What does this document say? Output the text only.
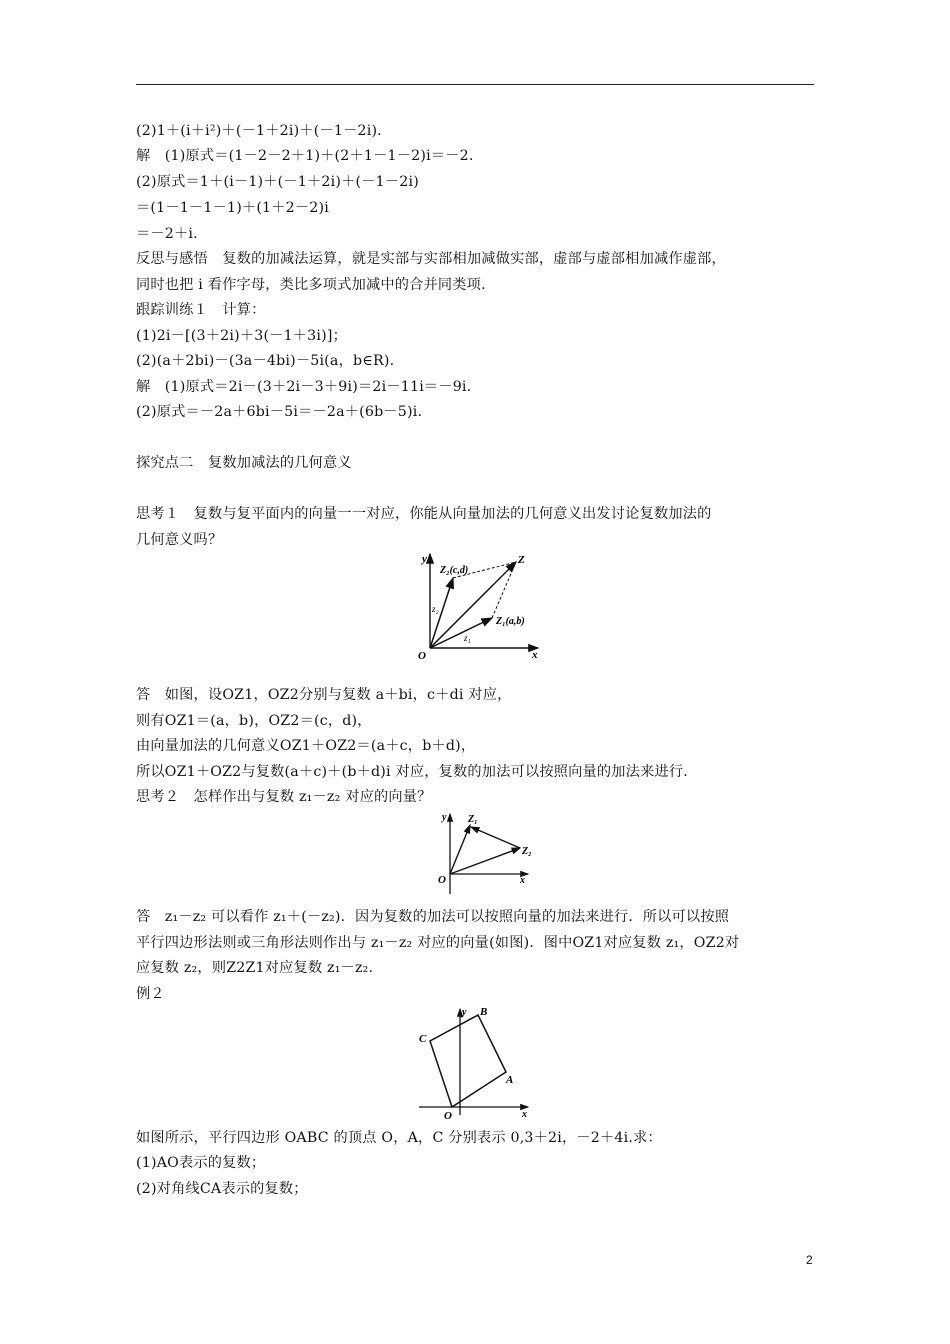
(2)1＋(i＋i²)＋(－1＋2i)＋(－1－2i)．
解　(1)原式＝(1－2－2＋1)＋(2＋1－1－2)i＝－2.
(2)原式＝1＋(i－1)＋(－1＋2i)＋(－1－2i)
＝(1－1－1－1)＋(1＋2－2)i
＝－2＋i.
反思与感悟　复数的加减法运算，就是实部与实部相加减做实部，虚部与虚部相加减作虚部，
同时也把 i 看作字母，类比多项式加减中的合并同类项.
跟踪训练１　计算：
(1)2i－[(3＋2i)＋3(－1＋3i)]；
(2)(a＋2bi)－(3a－4bi)－5i(a，b∈R).
解　(1)原式＝2i－(3＋2i－3＋9i)＝2i－11i＝－9i.
(2)原式＝－2a＋6bi－5i＝－2a＋(6b－5)i.
探究点二　复数加减法的几何意义
思考１　复数与复平面内的向量一一对应，你能从向量加法的几何意义出发讨论复数加法的
几何意义吗？
y
x
O
Z
Z₁(a,b)
Z₂(c,d)
z₁
z₂
答　如图，设OZ1，OZ2分别与复数 a＋bi，c＋di 对应，
则有OZ1＝(a，b)，OZ2＝(c，d)，
由向量加法的几何意义OZ1＋OZ2＝(a＋c，b＋d)，
所以OZ1＋OZ2与复数(a＋c)＋(b＋d)i 对应，复数的加法可以按照向量的加法来进行.
思考２　怎样作出与复数 z₁－z₂ 对应的向量？
y
x
O
Z₁
Z₂
答　z₁－z₂ 可以看作 z₁＋(－z₂)．因为复数的加法可以按照向量的加法来进行．所以可以按照
平行四边形法则或三角形法则作出与 z₁－z₂ 对应的向量(如图)．图中OZ1对应复数 z₁，OZ2对
应复数 z₂，则Z2Z1对应复数 z₁－z₂.
例２
y
x
O
A
B
C
如图所示，平行四边形 OABC 的顶点 O，A，C 分别表示 0,3＋2i，－2＋4i.求：
(1)AO表示的复数；
(2)对角线CA表示的复数；
2
